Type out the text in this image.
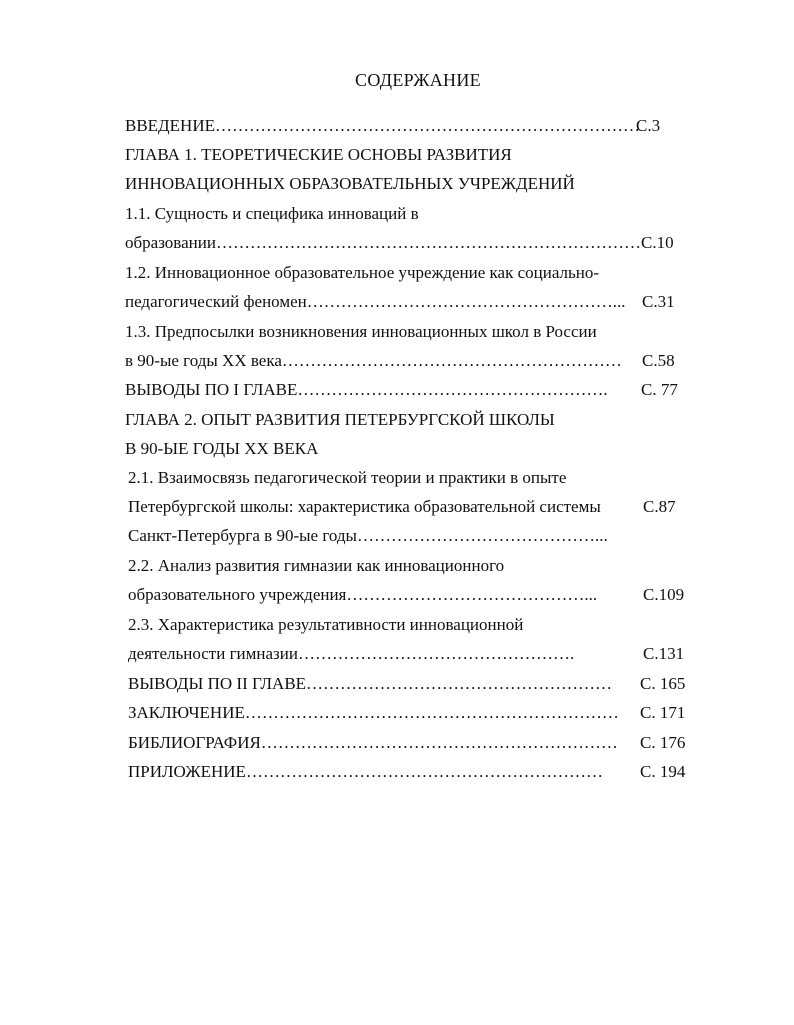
СОДЕРЖАНИЕ
ВВЕДЕНИЕ…………………………………………………………………
С.3
ГЛАВА 1. ТЕОРЕТИЧЕСКИЕ ОСНОВЫ РАЗВИТИЯ
ИННОВАЦИОННЫХ ОБРАЗОВАТЕЛЬНЫХ УЧРЕЖДЕНИЙ
1.1. Сущность и специфика инноваций в
образовании………………………………………………………………… С.10
1.2. Инновационное образовательное учреждение как социально-
педагогический феномен………………………………………………... С.31
1.3. Предпосылки возникновения инновационных школ в России
в 90-ые годы XX века…………………………………………………… С.58
ВЫВОДЫ ПО I ГЛАВЕ………………………………………………. С. 77
ГЛАВА 2. ОПЫТ РАЗВИТИЯ ПЕТЕРБУРГСКОЙ ШКОЛЫ
В 90-ЫЕ ГОДЫ XX ВЕКА
2.1. Взаимосвязь педагогической теории и практики в опыте
Петербургской школы: характеристика образовательной системы С.87
Санкт-Петербурга в 90-ые годы……………………………………...
2.2. Анализ развития гимназии как инновационного
образовательного учреждения……………………………………...	С.109
2.3. Характеристика результативности инновационной
деятельности гимназии………………………………………….	С.131
ВЫВОДЫ ПО II ГЛАВЕ……………………………………………… С. 165
ЗАКЛЮЧЕНИЕ………………………………………………………… С. 171
БИБЛИОГРАФИЯ……………………………………………………… С. 176
ПРИЛОЖЕНИЕ……………………………………………………… С. 194
